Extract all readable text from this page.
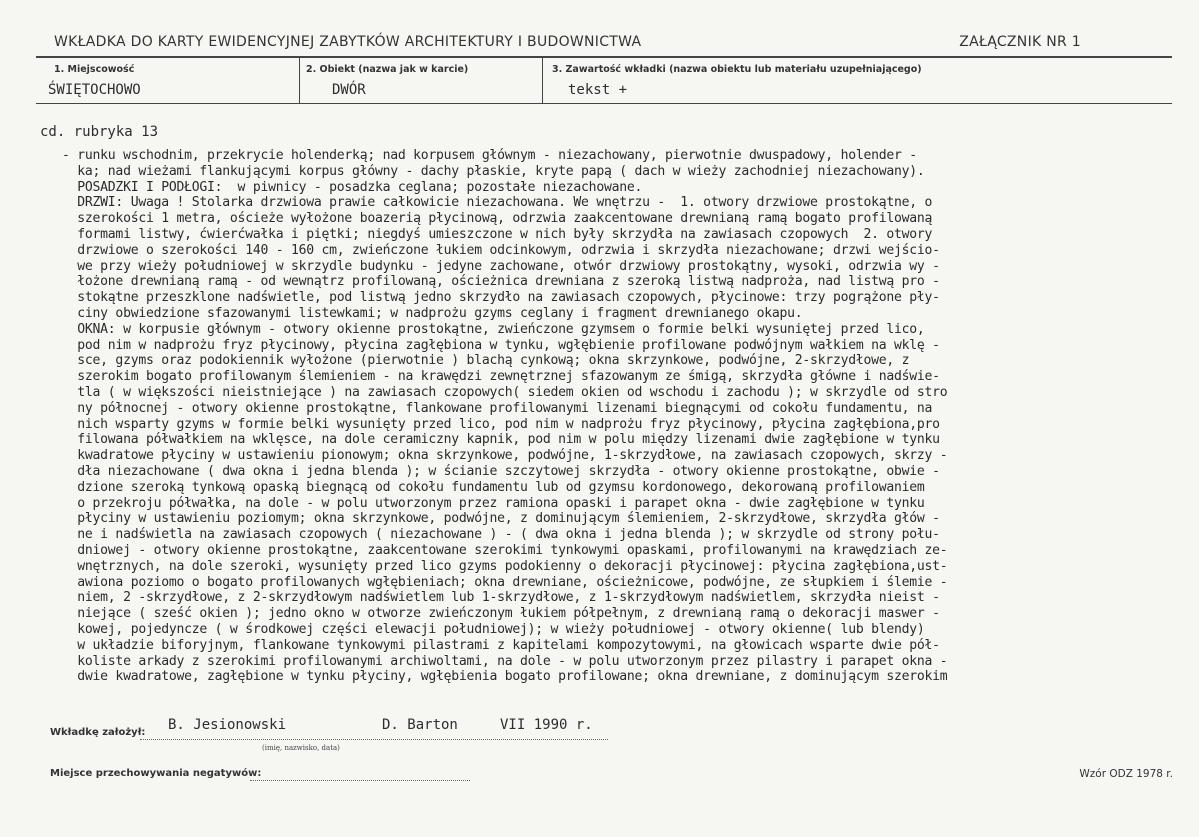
WKŁADKA DO KARTY EWIDENCYJNEJ ZABYTKÓW ARCHITEKTURY I BUDOWNICTWA	ZAŁĄCZNIK NR 1
1. Miejscowość
ŚWIĘTOCHOWO
2. Obiekt (nazwa jak w karcie)
DWÓR
3. Zawartość wkładki (nazwa obiektu lub materiału uzupełniającego)
tekst +
cd. rubryka 13
- runku wschodnim, przekrycie holenderką; nad korpusem głównym - niezachowany, pierwotnie dwuspadowy, holender -
ka; nad wieżami flankującymi korpus główny - dachy płaskie, kryte papą ( dach w wieży zachodniej niezachowany).
POSADZKI I PODŁOGI:  w piwnicy - posadzka ceglana; pozostałe niezachowane.
DRZWI: Uwaga ! Stolarka drzwiowa prawie całkowicie niezachowana. We wnętrzu -  1. otwory drzwiowe prostokątne, o
szerokości 1 metra, ościeże wyłożone boazerią płycinową, odrzwia zaakcentowane drewnianą ramą bogato profilowaną
formami listwy, ćwierćwałka i piętki; niegdyś umieszczone w nich były skrzydła na zawiasach czopowych  2. otwory
drzwiowe o szerokości 140 - 160 cm, zwieńczone łukiem odcinkowym, odrzwia i skrzydła niezachowane; drzwi wejścio-
we przy wieży południowej w skrzydle budynku - jedyne zachowane, otwór drzwiowy prostokątny, wysoki, odrzwia wy -
łożone drewnianą ramą - od wewnątrz profilowaną, ościeżnica drewniana z szeroką listwą nadproża, nad listwą pro -
stokątne przeszklone nadświetle, pod listwą jedno skrzydło na zawiasach czopowych, płycinowe: trzy pogrążone pły-
ciny obwiedzione sfazowanymi listewkami; w nadprożu gzyms ceglany i fragment drewnianego okapu.
OKNA: w korpusie głównym - otwory okienne prostokątne, zwieńczone gzymsem o formie belki wysuniętej przed lico,
pod nim w nadprożu fryz płycinowy, płycina zagłębiona w tynku, wgłębienie profilowane podwójnym wałkiem na wklę -
sce, gzyms oraz podokiennik wyłożone (pierwotnie ) blachą cynkową; okna skrzynkowe, podwójne, 2-skrzydłowe, z
szerokim bogato profilowanym ślemieniem - na krawędzi zewnętrznej sfazowanym ze śmigą, skrzydła główne i nadświe-
tla ( w większości nieistniejące ) na zawiasach czopowych( siedem okien od wschodu i zachodu ); w skrzydle od stro
ny północnej - otwory okienne prostokątne, flankowane profilowanymi lizenami biegnącymi od cokołu fundamentu, na
nich wsparty gzyms w formie belki wysunięty przed lico, pod nim w nadprożu fryz płycinowy, płycina zagłębiona,pro
filowana półwałkiem na wklęsce, na dole ceramiczny kapnik, pod nim w polu między lizenami dwie zagłębione w tynku
kwadratowe płyciny w ustawieniu pionowym; okna skrzynkowe, podwójne, 1-skrzydłowe, na zawiasach czopowych, skrzy -
dła niezachowane ( dwa okna i jedna blenda ); w ścianie szczytowej skrzydła - otwory okienne prostokątne, obwie -
dzione szeroką tynkową opaską biegnącą od cokołu fundamentu lub od gzymsu kordonowego, dekorowaną profilowaniem
o przekroju półwałka, na dole - w polu utworzonym przez ramiona opaski i parapet okna - dwie zagłębione w tynku
płyciny w ustawieniu poziomym; okna skrzynkowe, podwójne, z dominującym ślemieniem, 2-skrzydłowe, skrzydła głów -
ne i nadświetla na zawiasach czopowych ( niezachowane ) - ( dwa okna i jedna blenda ); w skrzydle od strony połu-
dniowej - otwory okienne prostokątne, zaakcentowane szerokimi tynkowymi opaskami, profilowanymi na krawędziach ze-
wnętrznych, na dole szeroki, wysunięty przed lico gzyms podokienny o dekoracji płycinowej: płycina zagłębiona,ust-
awiona poziomo o bogato profilowanych wgłębieniach; okna drewniane, ościeżnicowe, podwójne, ze słupkiem i ślemie -
niem, 2 -skrzydłowe, z 2-skrzydłowym nadświetlem lub 1-skrzydłowe, z 1-skrzydłowym nadświetlem, skrzydła nieist -
niejące ( sześć okien ); jedno okno w otworze zwieńczonym łukiem półpełnym, z drewnianą ramą o dekoracji maswer -
kowej, pojedyncze ( w środkowej części elewacji południowej); w wieży południowej - otwory okienne( lub blendy)
w układzie biforyjnym, flankowane tynkowymi pilastrami z kapitelami kompozytowymi, na głowicach wsparte dwie pół-
koliste arkady z szerokimi profilowanymi archiwoltami, na dole - w polu utworzonym przez pilastry i parapet okna -
dwie kwadratowe, zagłębione w tynku płyciny, wgłębienia bogato profilowane; okna drewniane, z dominującym szerokim
Wkładkę założył: B. Jesionowski	D. Barton	VII 1990 r.
(imię, nazwisko, data)
Miejsce przechowywania negatywów:	Wzór ODZ 1978 r.
